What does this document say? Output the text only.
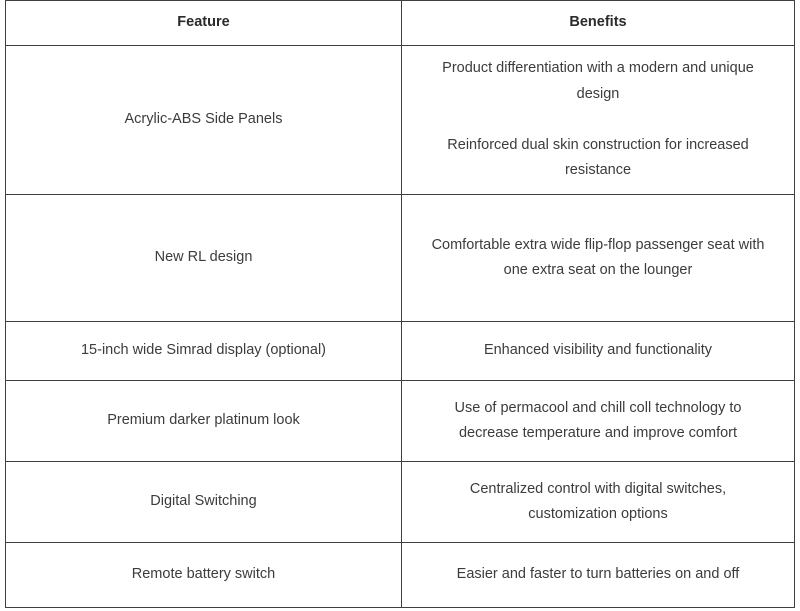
Feature	Benefits

Acrylic-ABS Side Panels	Product differentiation with a modern and unique design
Reinforced dual skin construction for increased resistance

New RL design	Comfortable extra wide flip-flop passenger seat with one extra seat on the lounger

15-inch wide Simrad display (optional)	Enhanced visibility and functionality

Premium darker platinum look	Use of permacool and chill coll technology to decrease temperature and improve comfort

Digital Switching	Centralized control with digital switches, customization options

Remote battery switch	Easier and faster to turn batteries on and off
